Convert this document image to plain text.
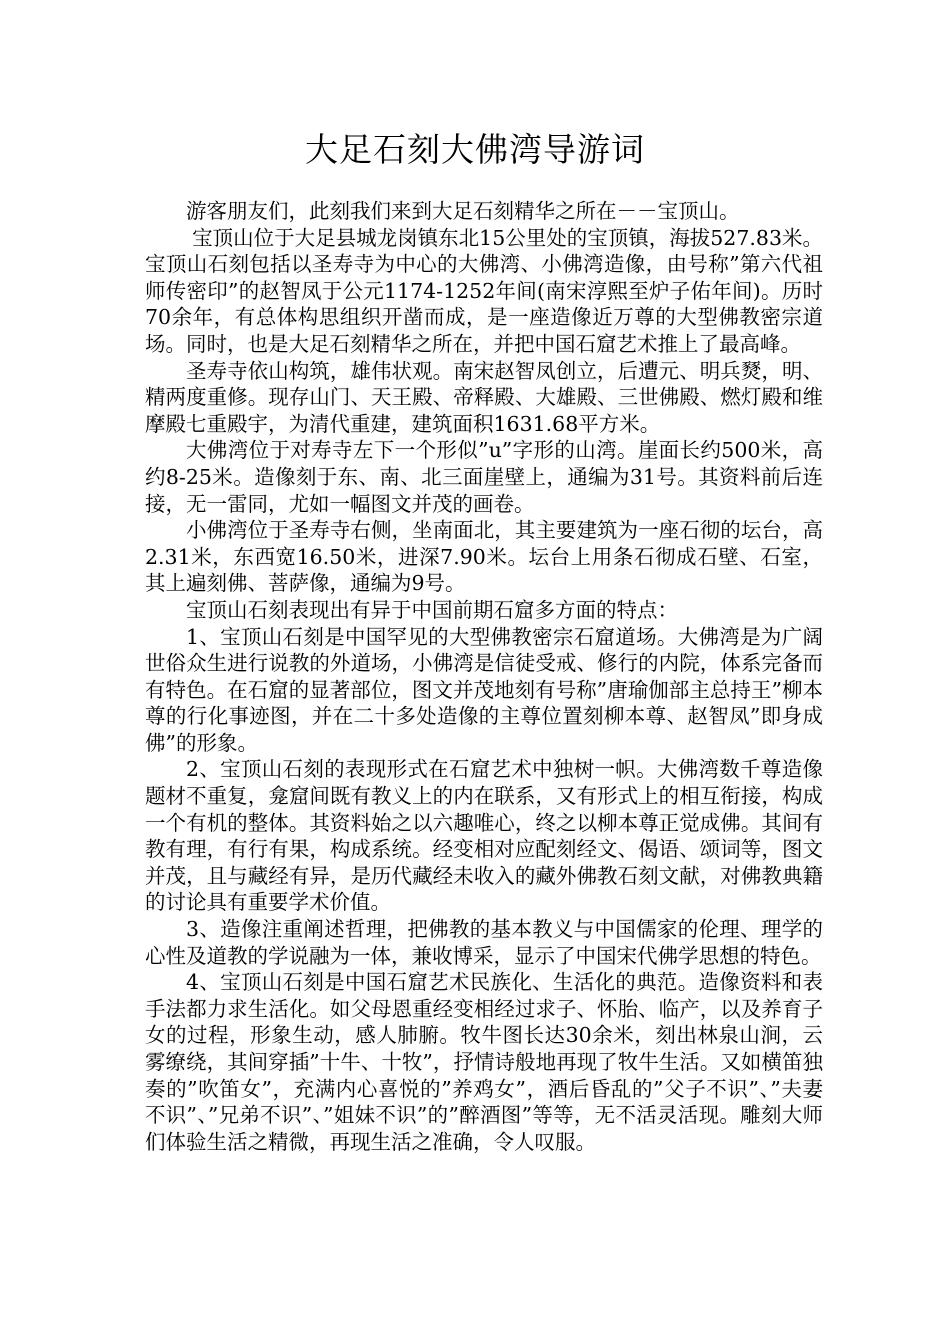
大足石刻大佛湾导游词

游客朋友们，此刻我们来到大足石刻精华之所在－－宝顶山。

宝顶山位于大足县城龙岗镇东北15公里处的宝顶镇，海拔527.83米。宝顶山石刻包括以圣寿寺为中心的大佛湾、小佛湾造像，由号称”第六代祖师传密印”的赵智凤于公元1174-1252年间(南宋淳熙至炉子佑年间)。历时70余年，有总体构思组织开凿而成，是一座造像近万尊的大型佛教密宗道场。同时，也是大足石刻精华之所在，并把中国石窟艺术推上了最高峰。

圣寿寺依山构筑，雄伟状观。南宋赵智凤创立，后遭元、明兵燹，明、精两度重修。现存山门、天王殿、帝释殿、大雄殿、三世佛殿、燃灯殿和维摩殿七重殿宇，为清代重建，建筑面积1631.68平方米。

大佛湾位于对寿寺左下一个形似”u”字形的山湾。崖面长约500米，高约8-25米。造像刻于东、南、北三面崖壁上，通编为31号。其资料前后连接，无一雷同，尤如一幅图文并茂的画卷。

小佛湾位于圣寿寺右侧，坐南面北，其主要建筑为一座石彻的坛台，高2.31米，东西宽16.50米，进深7.90米。坛台上用条石彻成石壁、石室，其上遍刻佛、菩萨像，通编为9号。

宝顶山石刻表现出有异于中国前期石窟多方面的特点：

1、宝顶山石刻是中国罕见的大型佛教密宗石窟道场。大佛湾是为广阔世俗众生进行说教的外道场，小佛湾是信徒受戒、修行的内院，体系完备而有特色。在石窟的显著部位，图文并茂地刻有号称”唐瑜伽部主总持王”柳本尊的行化事迹图，并在二十多处造像的主尊位置刻柳本尊、赵智凤”即身成佛”的形象。

2、宝顶山石刻的表现形式在石窟艺术中独树一帜。大佛湾数千尊造像题材不重复，龛窟间既有教义上的内在联系，又有形式上的相互衔接，构成一个有机的整体。其资料始之以六趣唯心，终之以柳本尊正觉成佛。其间有教有理，有行有果，构成系统。经变相对应配刻经文、偈语、颂词等，图文并茂，且与藏经有异，是历代藏经未收入的藏外佛教石刻文献，对佛教典籍的讨论具有重要学术价值。

3、造像注重阐述哲理，把佛教的基本教义与中国儒家的伦理、理学的心性及道教的学说融为一体，兼收博采，显示了中国宋代佛学思想的特色。

4、宝顶山石刻是中国石窟艺术民族化、生活化的典范。造像资料和表手法都力求生活化。如父母恩重经变相经过求子、怀胎、临产，以及养育子女的过程，形象生动，感人肺腑。牧牛图长达30余米，刻出林泉山涧，云雾缭绕，其间穿插”十牛、十牧”，抒情诗般地再现了牧牛生活。又如横笛独奏的”吹笛女”，充满内心喜悦的”养鸡女”，酒后昏乱的”父子不识”、”夫妻不识”、”兄弟不识”、”姐妹不识”的”醉酒图”等等，无不活灵活现。雕刻大师们体验生活之精微，再现生活之准确，令人叹服。
